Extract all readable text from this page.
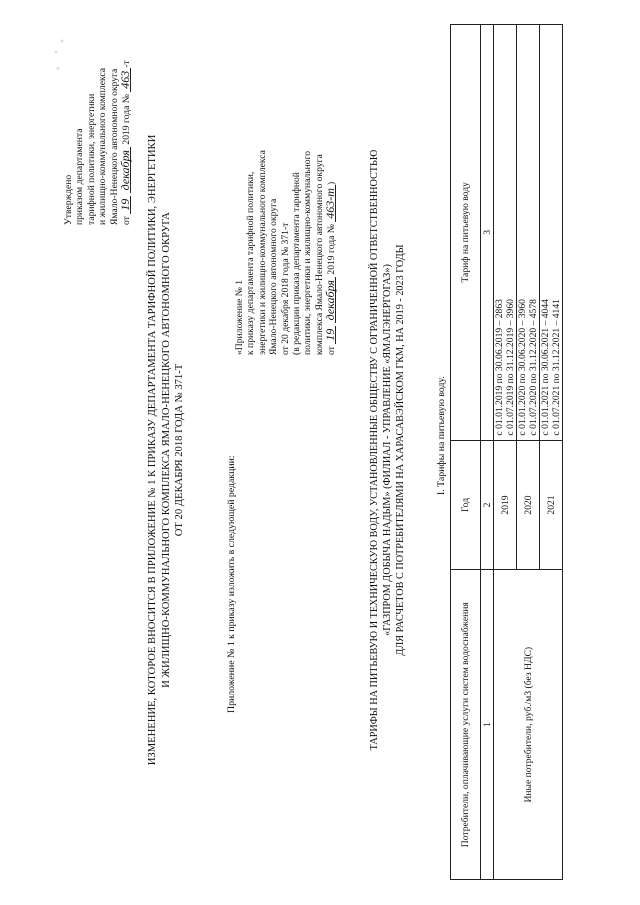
Утверждено приказом департамента тарифной политики, энергетики и жилищно-коммунального комплекса Ямало-Ненецкого автономного округа от 19 декабря 2019 года № 463-т
ИЗМЕНЕНИЕ, КОТОРОЕ ВНОСИТСЯ В ПРИЛОЖЕНИЕ № 1 К ПРИКАЗУ ДЕПАРТАМЕНТА ТАРИФНОЙ ПОЛИТИКИ, ЭНЕРГЕТИКИ И ЖИЛИЩНО-КОММУНАЛЬНОГО КОМПЛЕКСА ЯМАЛО-НЕНЕЦКОГО АВТОНОМНОГО ОКРУГА ОТ 20 ДЕКАБРЯ 2018 ГОДА № 371-Т
Приложение № 1 к приказу изложить в следующей редакции:
«Приложение № 1 к приказу департамента тарифной политики, энергетики и жилищно-коммунального комплекса Ямало-Ненецкого автономного округа от 20 декабря 2018 года № 371-т (в редакции приказа департамента тарифной политики, энергетики и жилищно-коммунального комплекса Ямало-Ненецкого автономного округа от 19 декабря 2019 года № 463-т)	ТАРИФЫ НА ПИТЬЕВУЮ И ТЕХНИЧЕСКУЮ ВОДУ, УСТАНОВЛЕННЫЕ ОБЩЕСТВУ С ОГРАНИЧЕННОЙ ОТВЕТСТВЕННОСТЬЮ «ГАЗПРОМ ДОБЫЧА НАДЫМ» (ФИЛИАЛ - УПРАВЛЕНИЕ «ЯМАЛЭНЕРГОГАЗ») ДЛЯ РАСЧЕТОВ С ПОТРЕБИТЕЛЯМИ НА ХАРАСАВЭЙСКОМ ГКМ, НА 2019 - 2023 ГОДЫ	I. Тарифы на питьевую воду.
Потребители, оплачивающие услуги систем водоснабжения	Год	Тариф на питьевую воду
1	2	3
Иные потребители, руб./м3 (без НДС)	2019	с 01.01.2019 по 30.06.2019 – 2863 с 01.07.2019 по 31.12.2019 – 3960

	2020	с 01.01.2020 по 30.06.2020 – 3960 с 01.07.2020 по 31.12.2020 – 4578

	2021	с 01.01.2021 по 30.06.2021 – 4044 с 01.07.2021 по 31.12.2021 – 4141
